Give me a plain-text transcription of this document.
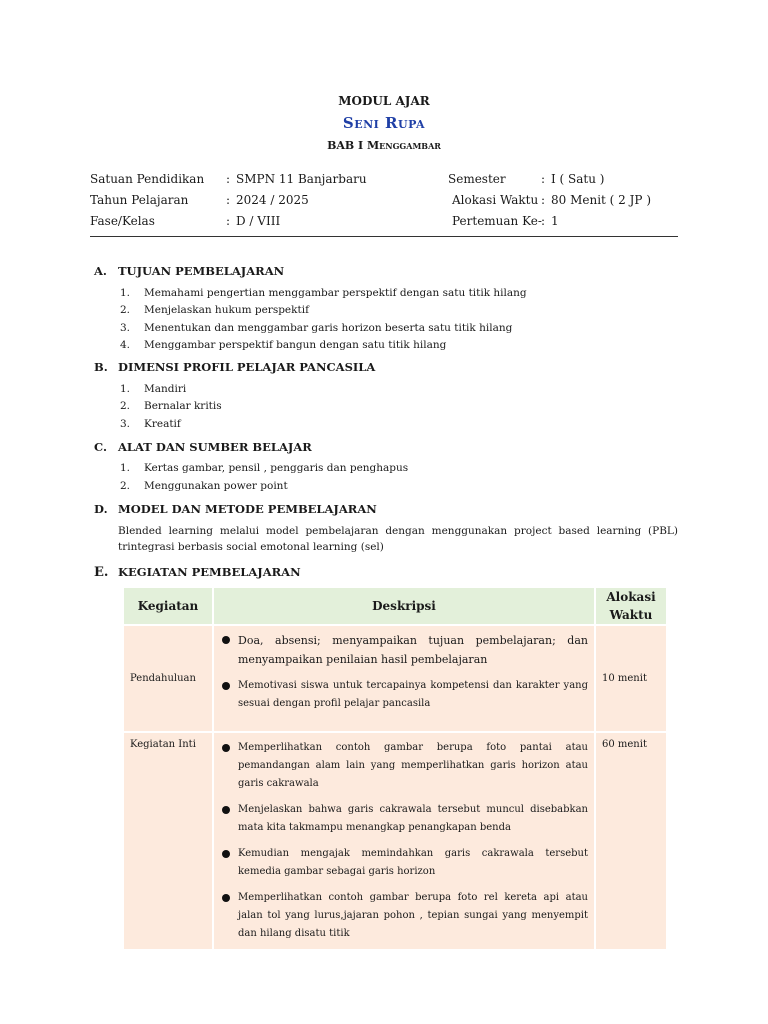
MODUL AJAR
Seni Rupa
BAB I Menggambar
Satuan Pendidikan : SMPN 11 Banjarbaru
Tahun Pelajaran	: 2024 / 2025
Fase/Kelas	: D / VIII
Semester	: I ( Satu )
Alokasi Waktu : 80 Menit ( 2 JP )
Pertemuan Ke- : 1
A. TUJUAN PEMBELAJARAN
1. Memahami pengertian menggambar perspektif dengan satu titik hilang
2. Menjelaskan hukum perspektif
3. Menentukan dan menggambar garis horizon beserta satu titik hilang
4. Menggambar perspektif bangun dengan satu titik hilang
B. DIMENSI PROFIL PELAJAR PANCASILA
1. Mandiri
2. Bernalar kritis
3. Kreatif
C. ALAT DAN SUMBER BELAJAR
1. Kertas gambar, pensil , penggaris dan penghapus
2. Menggunakan power point
D. MODEL DAN METODE PEMBELAJARAN
Blended learning melalui model pembelajaran dengan menggunakan project based learning (PBL) trintegrasi berbasis social emotonal learning (sel)
E. KEGIATAN PEMBELAJARAN
Kegiatan	Deskripsi	Alokasi Waktu
Pendahuluan	Doa, absensi; menyampaikan tujuan pembelajaran; dan menyampaikan penilaian hasil pembelajaran
Memotivasi siswa untuk tercapainya kompetensi dan karakter yang sesuai dengan profil pelajar pancasila	10 menit
Kegiatan Inti	Memperlihatkan contoh gambar berupa foto pantai atau pemandangan alam lain yang memperlihatkan garis horizon atau garis cakrawala
Menjelaskan bahwa garis cakrawala tersebut muncul disebabkan mata kita takmampu menangkap penangkapan benda
Kemudian mengajak memindahkan garis cakrawala tersebut kemedia gambar sebagai garis horizon
Memperlihatkan contoh gambar berupa foto rel kereta api atau jalan tol yang lurus,jajaran pohon , tepian sungai yang menyempit dan hilang disatu titik	60 menit
